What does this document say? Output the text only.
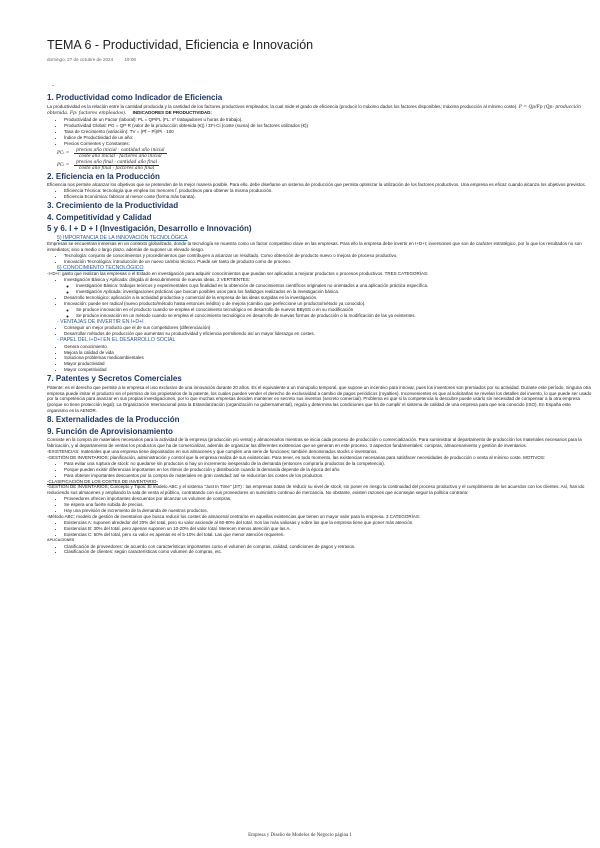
TEMA 6 - Productividad, Eficiencia e Innovación
domingo, 27 de octubre de 2024 19:06
-
1. Productividad como Indicador de Eficiencia

La productividad es la relación entre la cantidad producida y la cantidad de los factores productivos empleados, la cual mide el grado de eficiencia (producir lo máximo dados los factores disponibles; máxima producción al mínimo coste). P = Qp/Fp (Qp: producción obtenida. Fp: factores empleados). INDICADORES DE PRODUCTIVIDAD:

• Productividad de un Factor (laboral): PL = QP/FL (FL: nº trabajadores u horas de trabajo).
• Productividad Global: PG = QP·R (valor de la producción obtenida (€)) / ΣFi·Ci (coste (suma) de los factores utilizados (€))
• Tasa de Crecimiento (variación): TV = (Pf − Pi)/Pi · 100
• Índice de Productividad de un año:
• Precios Corrientes y Constantes:
PCₜ =	$\frac{\text{precios año inicial · cantidad año inicial}}{\text{coste año inicial · factores año inicial}}$
PCₜ =	$\frac{\text{precios año final · cantidad año final}}{\text{coste año final · factores año final}}$
2. Eficiencia en la Producción

Eficiencia nos permite alcanzar los objetivos que se pretenden de la mejor manera posible. Para ello, debe diseñarse un sistema de producción que permita optimizar la utilización de los factores productivos. Una empresa es eficaz cuando alcanza los objetivos previstos.

• Eficiencia Técnica: tecnología que emplea los menores f. productivos para obtener la misma producción.
• Eficiencia Económica: fabricar al menor coste (forma más barata).
3. Crecimiento de la Productividad
4. Competitividad y Calidad
5 y 6. I + D + I (Investigación, Desarrollo e Innovación)
5) IMPORTANCIA DE LA INNOVACIÓN TECNOLÓGICA

Empresas se encuentran inmersas en un contexto globalizado, donde la tecnología se muestra como un factor competitivo clave en las empresas. Para ello la empresa debe invertir en I+D+I; inversiones que son de carácter estratégico, por lo que los resultados no son inmediatos; sino a medio o largo plazo, además de suponer un elevado riesgo.

• Tecnología: conjunto de conocimientos y procedimientos que contribuyen a alcanzar un resultado. Como obtención de producto nuevo o mejora de proceso productivo.
• Innovación Tecnológica: introducción de un nuevo cambio técnico. Puede ser tanto de producto como de proceso.
6) CONOCIMIENTO TECNOLÓGICO

-I+D+I: gasto que realizan las empresas o el Estado en investigación para adquirir conocimientos que puedan ser aplicados a mejorar productos o procesos productivos. TRES CATEGORÍAS:

• Investigación Básica y Aplicada: dirigida al descubrimiento de nuevas ideas. 2 VERTIENTES:
◦ Investigación Básica: trabajos teóricos y experimentales cuya finalidad es la obtención de conocimientos científicos originales no orientados a una aplicación práctica específica.
◦ Investigación Aplicada: investigaciones prácticas que buscan posibles usos para los hallazgos realizados en la investigación básica.
• Desarrollo tecnológico: aplicación a la actividad productiva y comercial de la empresa de las ideas surgidas en la investigación.
• Innovación: puede ser radical (nuevo producto/método hasta entonces inédito) o de mejora (cambio que perfeccione un producto/método ya conocido).
◦ Se produce innovación en el producto cuando se emplea el conocimiento tecnológico en desarrollo de nuevos BBySS o en su modificación
◦ Se produce innovación en un método cuando se emplea el conocimiento tecnológico en desarrollo de nuevas formas de producción o la modificación de las ya existentes.
- VENTAJAS DE INVERTIR EN I+D+I
• Conseguir un mejor producto que el de sus competidores (diferenciación)
• Desarrollar métodos de producción que aumentan su productividad y eficiencia permitiendo así un mayor liderazgo en costes.
- PAPEL DEL I+D+I EN EL DESARROLLO SOCIAL
• Genera conocimiento
• Mejora la calidad de vida
• Soluciona problemas medioambientales
• Mayor productividad
• Mayor competitividad
7. Patentes y Secretos Comerciales

Patente: es el derecho que permite a la empresa el uso exclusivo de una innovación durante 20 años. Es el equivalente a un monopolio temporal, que supone un incentivo para innovar, pues los inventores son premiados por su actividad. Durante este período, ninguna otra empresa puede imitar el producto sin el permiso de los propietarios de la patente, los cuales pueden vender el derecho de exclusividad a cambio de pagos periódicos (royalties). Inconvenientes es que al solicitarlas se revelan los detalles del invento, lo que puede ser usado por la competencia para avanzar en sus propias investigaciones, por lo que muchas empresas deciden mantener en secreto sus inventos (secreto comercial). Problema es que si la competencia lo descubre puede usarlo sin necesidad de compensar a la otra empresa (porque no tiene protección legal). La Organización Internacional para la Estandarización (organización no gubernamental), regula y determina las condiciones que ha de cumplir el sistema de calidad de una empresa para que sea conocido (ISO). En España este organismo es la AENOR.

8. Externalidades de la Producción
9. Función de Aprovisionamiento

Consiste en la compra de materiales necesarios para la actividad de la empresa (producción y/o venta) y almacenarlos mientras se inicia cada proceso de producción o comercialización. Para suministrar al departamento de producción los materiales necesarios para la fabricación, y al departamento de ventas los productos que ha de comercializar, además de organizar las diferentes existencias que se generan en este proceso. 3 aspectos fundamentales: compras, almacenamiento y gestión de inventarios.

-EXISTENCIAS: materiales que una empresa tiene depositados en sus almacenes y que cumplen una serie de funciones; también denominados stocks o inventarios.

-GESTIÓN DE INVENTARIOS: planificación, administración y control que la empresa realiza de sus existencias. Para tener, en todo momento, las existencias necesarias para satisfacer necesidades de producción o venta al mínimo coste. MOTIVOS:

• Para evitar una ruptura de stock: no quedarse sin productos si hay un incremento inesperado de la demanda (entonces compraría productos de la competencia).
• Porque pueden existir diferencias importantes en los ritmos de producción y distribución cuando la demanda depende de la época del año
• Para obtener importantes descuentos por la compra de materiales en gran cantidad: así se reducirían los costes de los productos.

-CLASIFICACIÓN DE LOS COSTES DE INVENTARIO-

-GESTIÓN DE INVENTARIOS; Concepto y Tipos: El modelo ABC y el sistema "Just In Time" (JIT) : las empresas tratan de reducir su nivel de stock, sin poner en riesgo la continuidad del proceso productivo y el cumplimiento de los acuerdos con los clientes. Así, han ido reduciendo sus almacenes y ampliando la sala de venta al público, contratando con sus proveedores un suministro continuo de mercancía. No obstante, existen razones que aconsejan seguir la política contraria:

• Proveedores ofrecen importantes descuentos por alcanzar un volumen de compras.
• Se espera una fuerte subida de precios.
• Hay una previsión de incremento de la demanda de nuestros productos.

-Método ABC: modelo de gestión de inventarios que busca reducir los costes de almacenal centrarse en aquellas existencias que tienen un mayor valor para la empresa. 3 CATEGORÍAS:

• Existencias A: suponen alrededor del 20% del total, pero su valor asciende al 60-80% del total. Son las más valiosas y sobre las que la empresa tiene que poner más atención.
• Existencias B: 30% del total, pero apenas suponen un 10-20% del valor total. Merecen menos atención que las A.
• Existencias C: 50% del total, pero su valor es apenas es el 5-10% del total. Las que menor atención requieren.
APLICACIONES
• Clasificación de proveedores: de acuerdo con características importantes como el volumen de compras, calidad, condiciones de pagos y retrasos.
• Clasificación de clientes: según características como volumen de compras, etc.
Empresa y Diseño de Modelos de Negocio página 1
